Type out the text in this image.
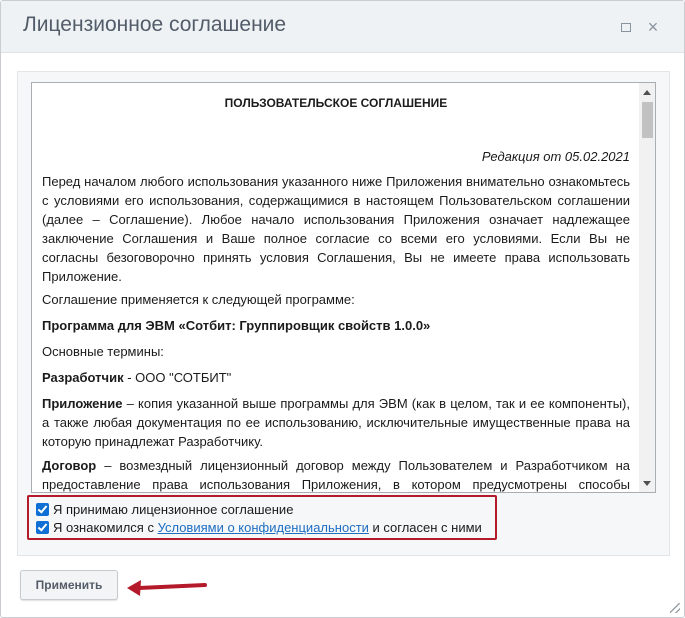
Лицензионное соглашение	×

ПОЛЬЗОВАТЕЛЬСКОЕ СОГЛАШЕНИЕ

Редакция от 05.02.2021

Перед началом любого использования указанного ниже Приложения внимательно ознакомьтесь с условиями его использования, содержащимися в настоящем Пользовательском соглашении (далее – Соглашение). Любое начало использования Приложения означает надлежащее заключение Соглашения и Ваше полное согласие со всеми его условиями. Если Вы не согласны безоговорочно принять условия Соглашения, Вы не имеете права использовать Приложение.

Соглашение применяется к следующей программе:

Программа для ЭВМ «Сотбит: Группировщик свойств 1.0.0»

Основные термины:

Разработчик - ООО "СОТБИТ"

Приложение – копия указанной выше программы для ЭВМ (как в целом, так и ее компоненты), а также любая документация по ее использованию, исключительные имущественные права на которую принадлежат Разработчику.

Договор – возмездный лицензионный договор между Пользователем и Разработчиком на предоставление права использования Приложения, в котором предусмотрены способы

Я принимаю лицензионное соглашение
Я ознакомился с Условиями о конфиденциальности и согласен с ними
Применить
